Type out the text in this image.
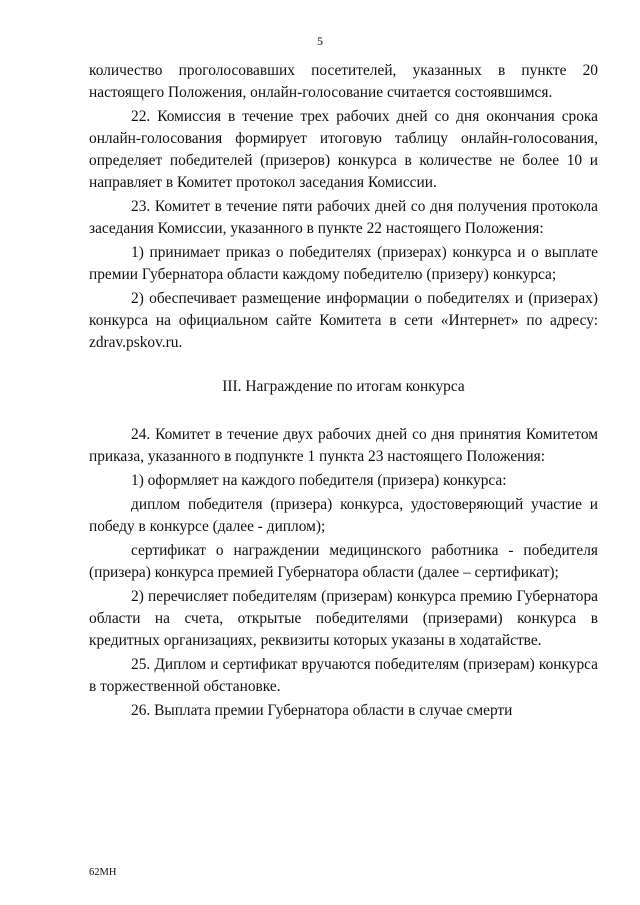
5

количество проголосовавших посетителей, указанных в пункте 20 настоящего Положения, онлайн-голосование считается состоявшимся.

22. Комиссия в течение трех рабочих дней со дня окончания срока онлайн-голосования формирует итоговую таблицу онлайн-голосования, определяет победителей (призеров) конкурса в количестве не более 10 и направляет в Комитет протокол заседания Комиссии.

23. Комитет в течение пяти рабочих дней со дня получения протокола заседания Комиссии, указанного в пункте 22 настоящего Положения:

1) принимает приказ о победителях (призерах) конкурса и о выплате премии Губернатора области каждому победителю (призеру) конкурса;

2) обеспечивает размещение информации о победителях и (призерах) конкурса на официальном сайте Комитета в сети «Интернет» по адресу: zdrav.pskov.ru.

III. Награждение по итогам конкурса

24. Комитет в течение двух рабочих дней со дня принятия Комитетом приказа, указанного в подпункте 1 пункта 23 настоящего Положения:

1) оформляет на каждого победителя (призера) конкурса:

диплом победителя (призера) конкурса, удостоверяющий участие и победу в конкурсе (далее - диплом);

сертификат о награждении медицинского работника - победителя (призера) конкурса премией Губернатора области (далее – сертификат);

2) перечисляет победителям (призерам) конкурса премию Губернатора области на счета, открытые победителями (призерами) конкурса в кредитных организациях, реквизиты которых указаны в ходатайстве.

25. Диплом и сертификат вручаются победителям (призерам) конкурса в торжественной обстановке.

26. Выплата премии Губернатора области в случае смерти

62МН
